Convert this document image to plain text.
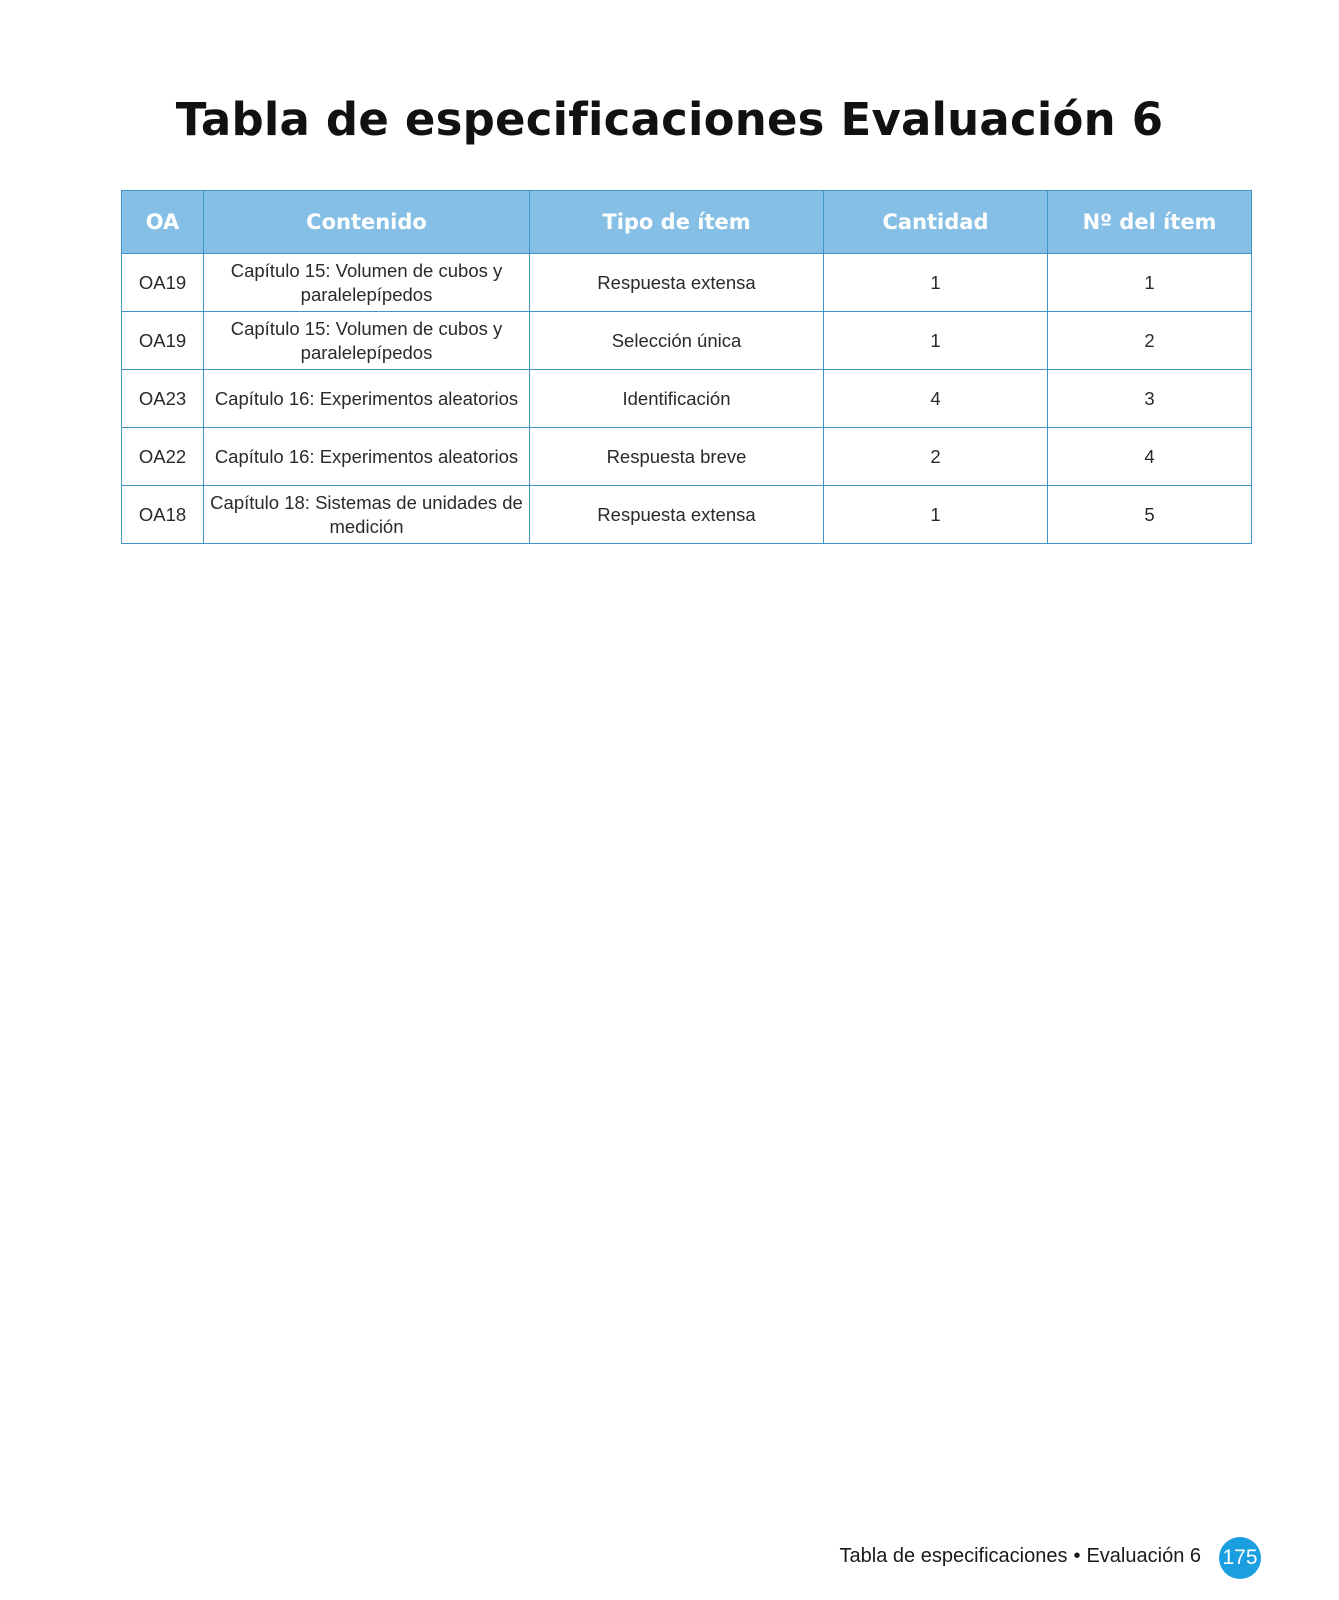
Tabla de especificaciones Evaluación 6
OA	Contenido	Tipo de ítem	Cantidad	Nº del ítem
OA19	Capítulo 15: Volumen de cubos y paralelepípedos	Respuesta extensa	1	1
OA19	Capítulo 15: Volumen de cubos y paralelepípedos	Selección única	1	2
OA23	Capítulo 16: Experimentos aleatorios	Identificación	4	3
OA22	Capítulo 16: Experimentos aleatorios	Respuesta breve	2	4
OA18	Capítulo 18: Sistemas de unidades de medición	Respuesta extensa	1	5
Tabla de especificaciones • Evaluación 6 175
